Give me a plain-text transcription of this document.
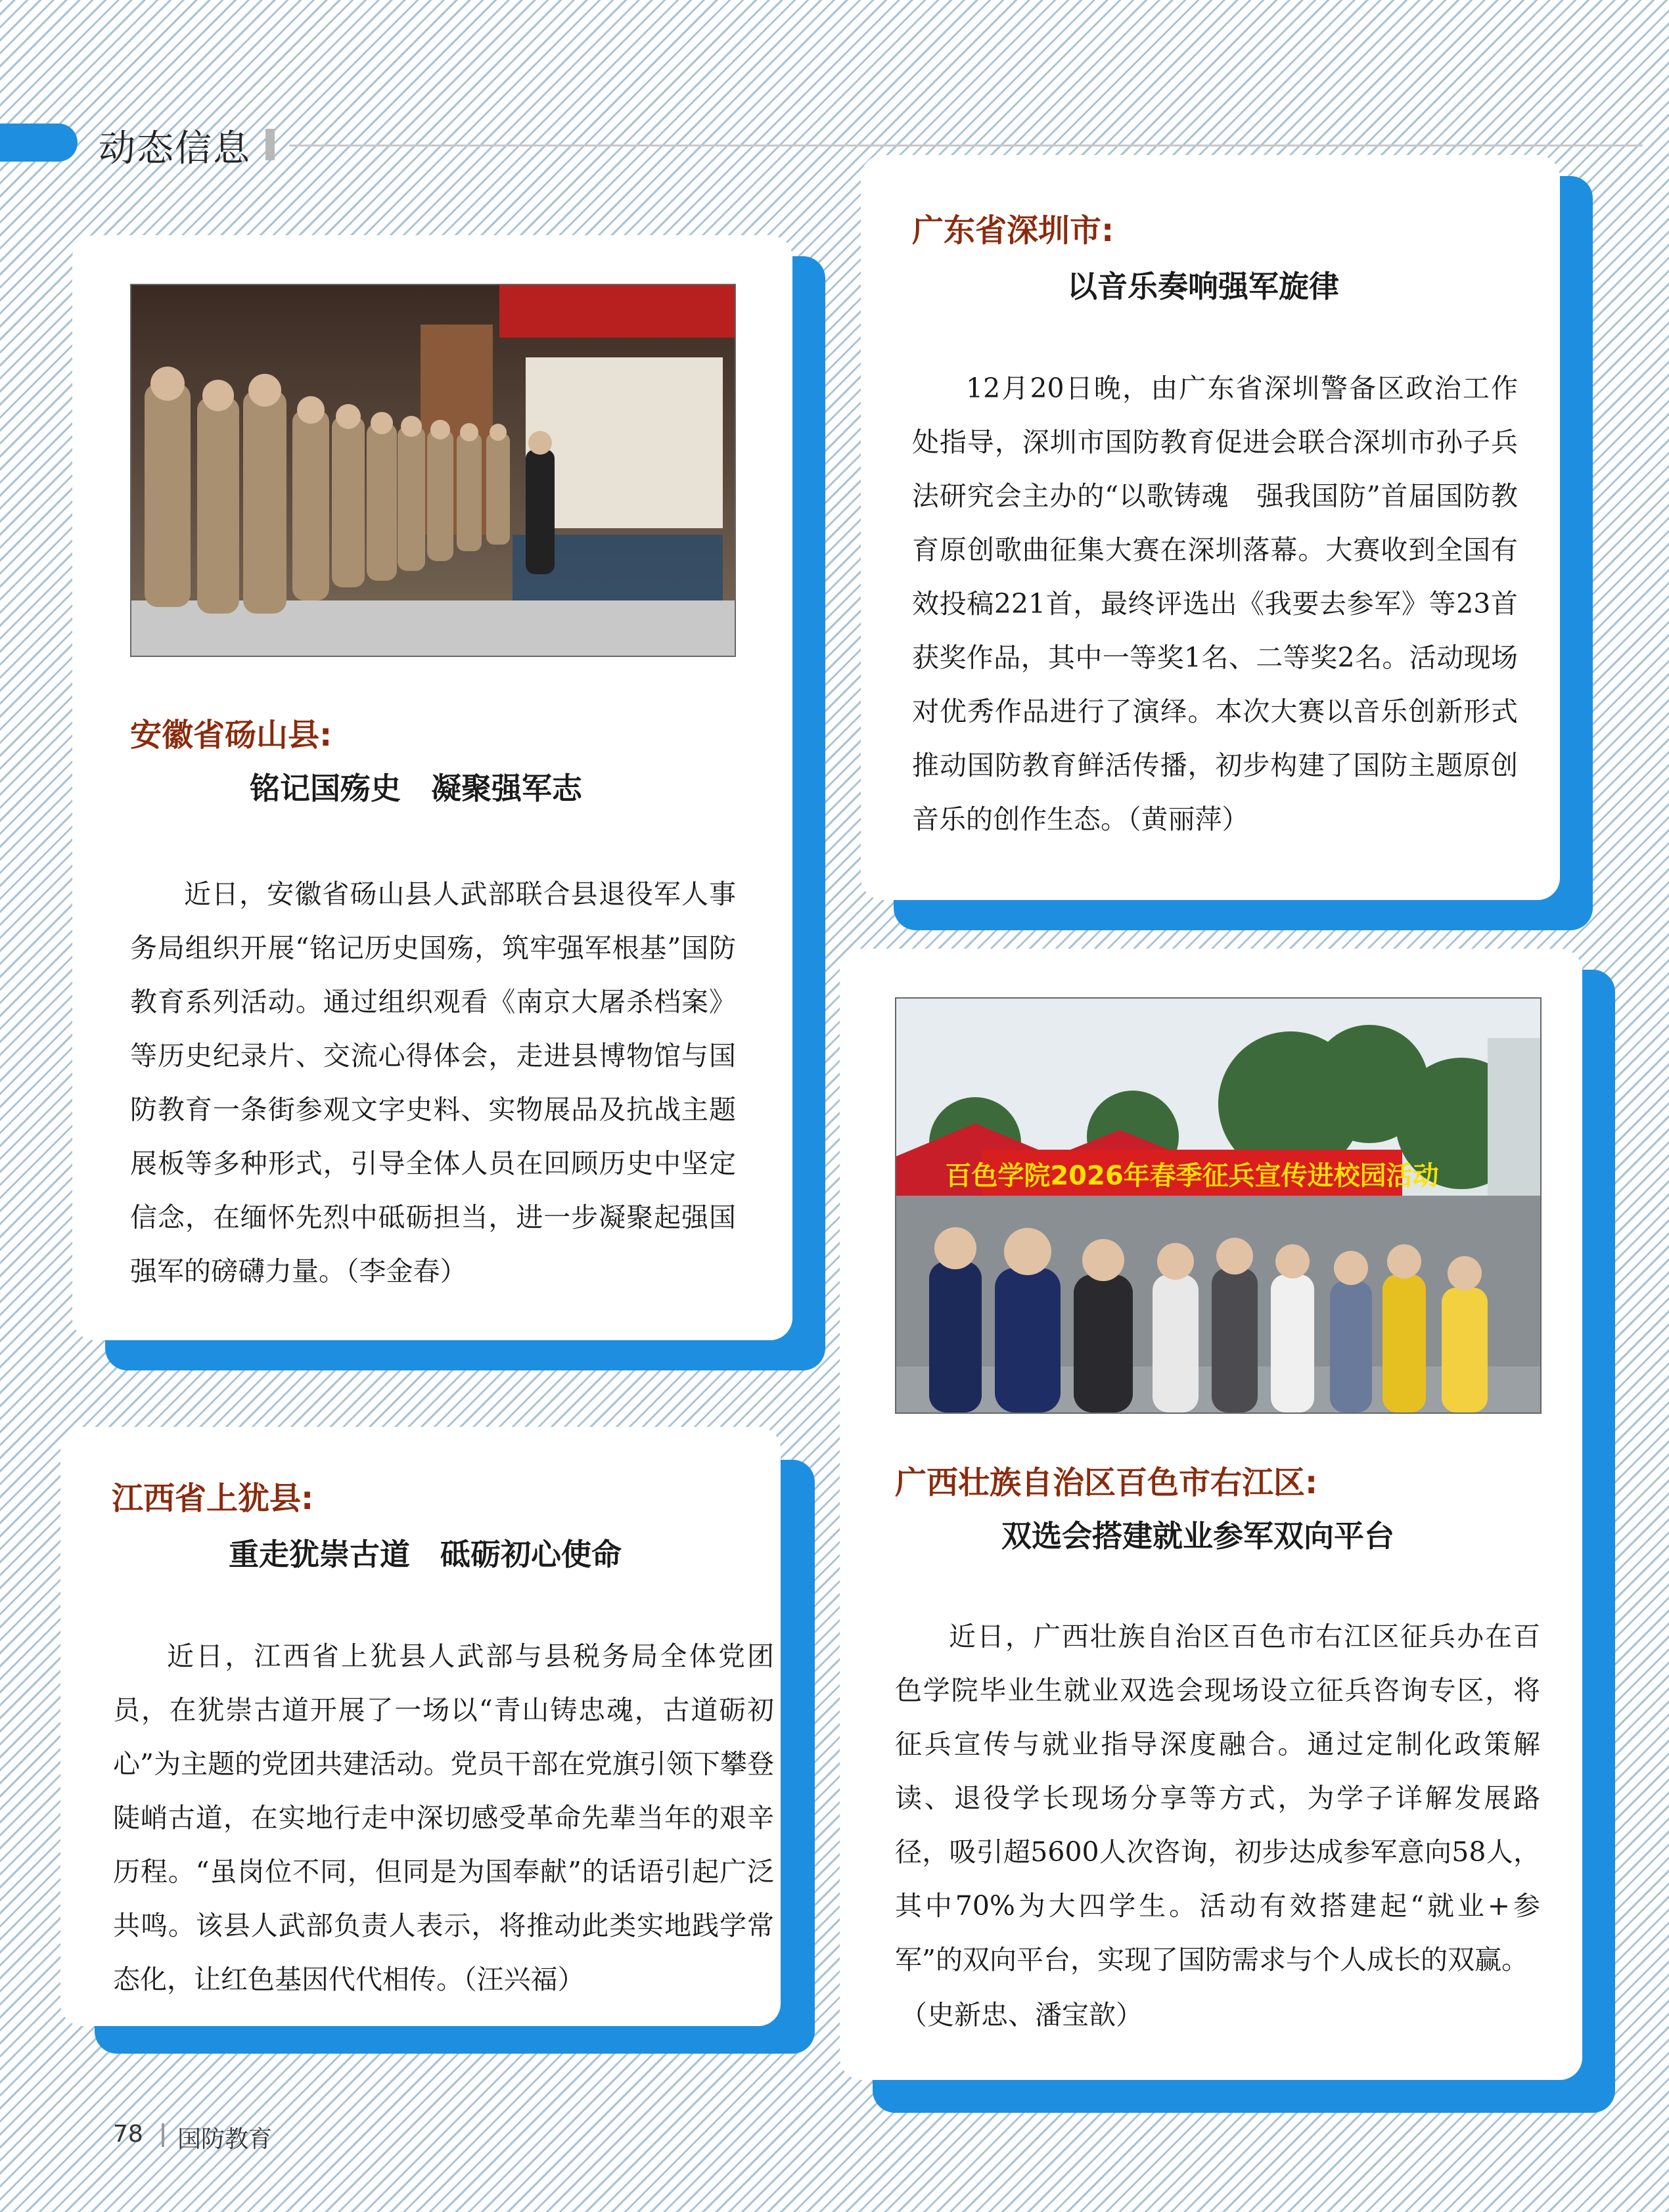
动态信息
安徽省砀山县:
铭记国殇史　凝聚强军志

近日，安徽省砀山县人武部联合县退役军人事务局组织开展“铭记历史国殇，筑牢强军根基”国防教育系列活动。通过组织观看《南京大屠杀档案》等历史纪录片、交流心得体会，走进县博物馆与国防教育一条街参观文字史料、实物展品及抗战主题展板等多种形式，引导全体人员在回顾历史中坚定信念，在缅怀先烈中砥砺担当，进一步凝聚起强国强军的磅礴力量。（李金春）

广东省深圳市:
以音乐奏响强军旋律

12月20日晚，由广东省深圳警备区政治工作处指导，深圳市国防教育促进会联合深圳市孙子兵法研究会主办的“以歌铸魂　强我国防”首届国防教育原创歌曲征集大赛在深圳落幕。大赛收到全国有效投稿221首，最终评选出《我要去参军》等23首获奖作品，其中一等奖1名、二等奖2名。活动现场对优秀作品进行了演绎。本次大赛以音乐创新形式推动国防教育鲜活传播，初步构建了国防主题原创音乐的创作生态。（黄丽萍）

江西省上犹县:
重走犹崇古道　砥砺初心使命

近日，江西省上犹县人武部与县税务局全体党团员，在犹崇古道开展了一场以“青山铸忠魂，古道砺初心”为主题的党团共建活动。党员干部在党旗引领下攀登陡峭古道，在实地行走中深切感受革命先辈当年的艰辛历程。“虽岗位不同，但同是为国奉献”的话语引起广泛共鸣。该县人武部负责人表示，将推动此类实地践学常态化，让红色基因代代相传。（汪兴福）

百色学院2026年春季征兵宣传进校园活动
广西壮族自治区百色市右江区:
双选会搭建就业参军双向平台

近日，广西壮族自治区百色市右江区征兵办在百色学院毕业生就业双选会现场设立征兵咨询专区，将征兵宣传与就业指导深度融合。通过定制化政策解读、退役学长现场分享等方式，为学子详解发展路径，吸引超5600人次咨询，初步达成参军意向58人，其中70%为大四学生。活动有效搭建起“就业+参军”的双向平台，实现了国防需求与个人成长的双赢。

（史新忠、潘宝歆）
78 国防教育
